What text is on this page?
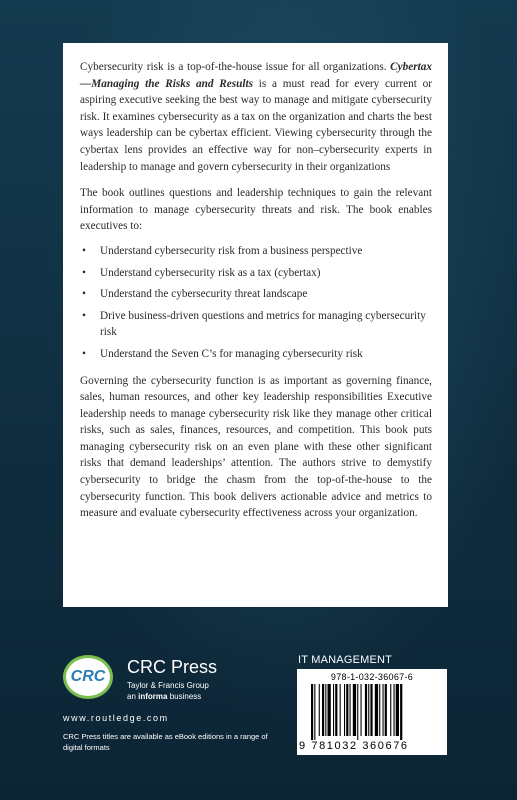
Cybersecurity risk is a top-of-the-house issue for all organizations. Cybertax—Managing the Risks and Results is a must read for every current or aspiring executive seeking the best way to manage and mitigate cybersecurity risk. It examines cybersecurity as a tax on the organization and charts the best ways leadership can be cybertax efficient. Viewing cybersecurity through the cybertax lens provides an effective way for non–cybersecurity experts in leadership to manage and govern cybersecurity in their organizations

The book outlines questions and leadership techniques to gain the relevant information to manage cybersecurity threats and risk. The book enables executives to:

• Understand cybersecurity risk from a business perspective
• Understand cybersecurity risk as a tax (cybertax)
• Understand the cybersecurity threat landscape
• Drive business-driven questions and metrics for managing cybersecurity risk
• Understand the Seven C’s for managing cybersecurity risk

Governing the cybersecurity function is as important as governing finance, sales, human resources, and other key leadership responsibilities Executive leadership needs to manage cybersecurity risk like they manage other critical risks, such as sales, finances, resources, and competition. This book puts managing cybersecurity risk on an even plane with these other significant risks that demand leaderships’ attention. The authors strive to demystify cybersecurity to bridge the chasm from the top-of-the-house to the cybersecurity function. This book delivers actionable advice and metrics to measure and evaluate cybersecurity effectiveness across your organization.

CRC	CRC Press
Taylor & Francis Group
an informa business
www.routledge.com
CRC Press titles are available as eBook editions in a range of digital formats
IT MANAGEMENT
978-1-032-36067-6
9 781032 360676
